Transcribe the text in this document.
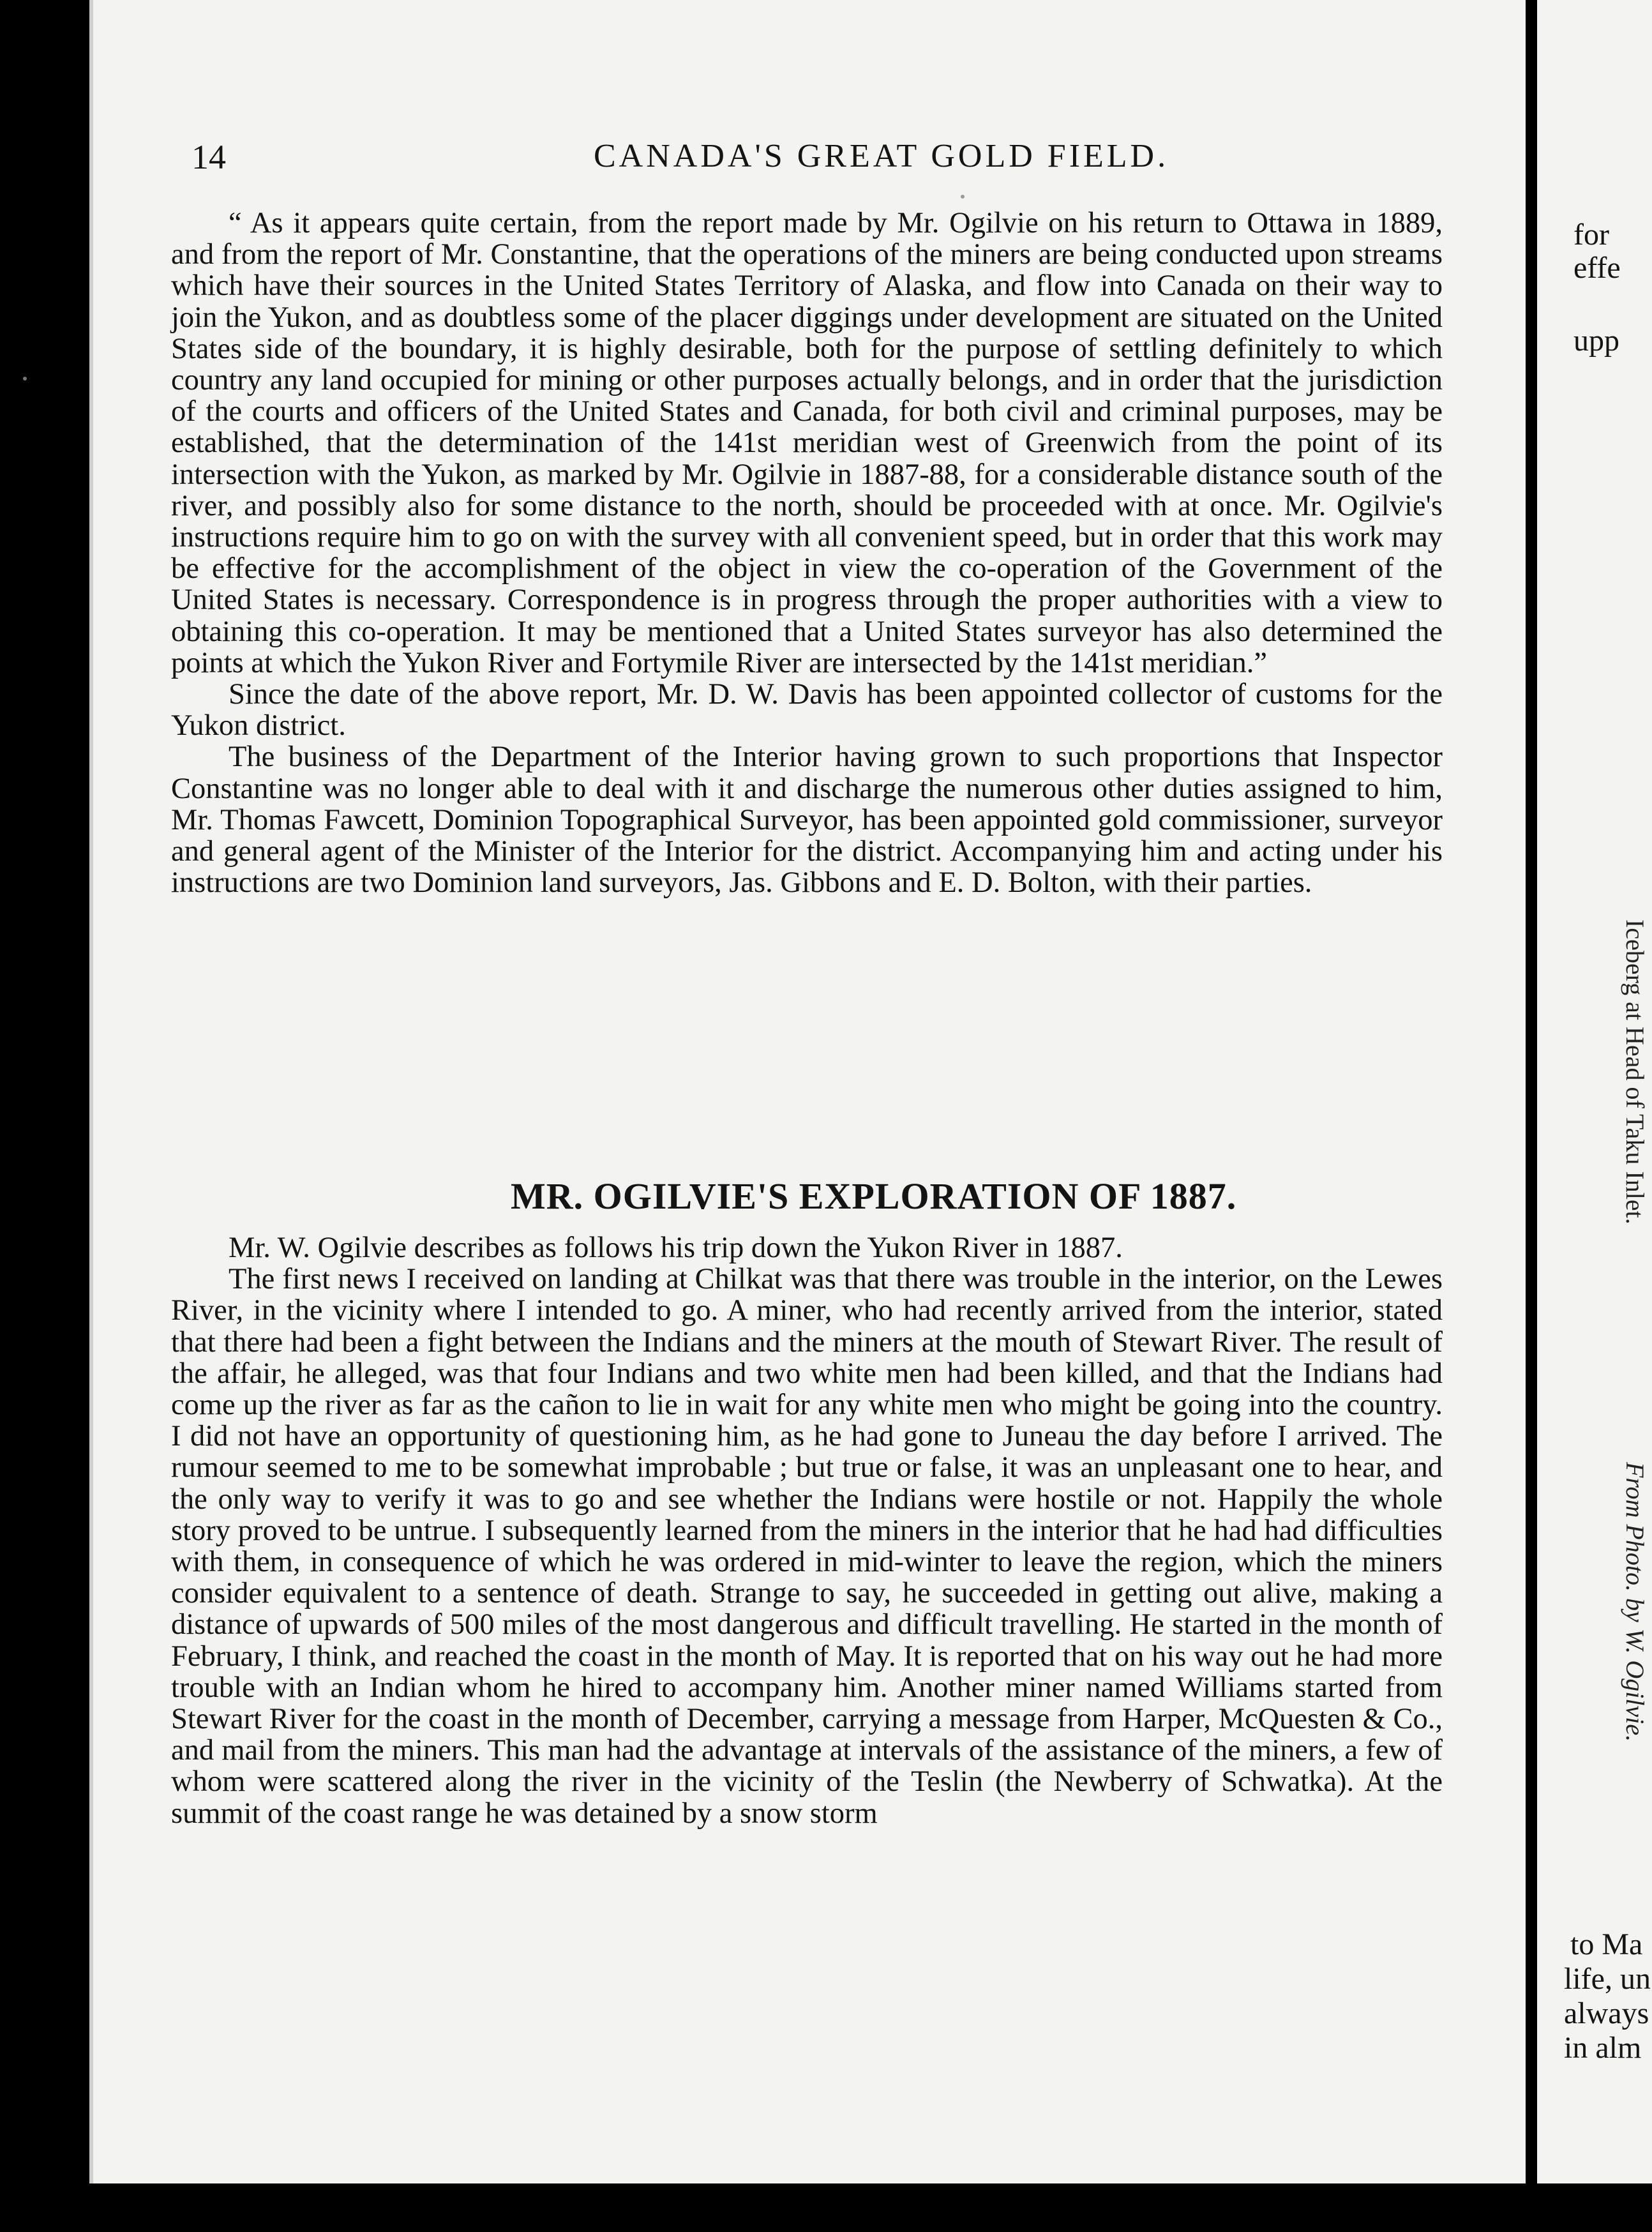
14	CANADA'S GREAT GOLD FIELD.

“ As it appears quite certain, from the report made by Mr. Ogilvie on his return to Ottawa in 1889, and from the report of Mr. Constantine, that the operations of the miners are being conducted upon streams which have their sources in the United States Territory of Alaska, and flow into Canada on their way to join the Yukon, and as doubtless some of the placer diggings under development are situated on the United States side of the boundary, it is highly desirable, both for the purpose of settling definitely to which country any land occupied for mining or other purposes actually belongs, and in order that the jurisdiction of the courts and officers of the United States and Canada, for both civil and criminal purposes, may be established, that the determination of the 141st meridian west of Greenwich from the point of its intersection with the Yukon, as marked by Mr. Ogilvie in 1887-88, for a considerable distance south of the river, and possibly also for some distance to the north, should be proceeded with at once. Mr. Ogilvie's instructions require him to go on with the survey with all convenient speed, but in order that this work may be effective for the accomplishment of the object in view the co-operation of the Government of the United States is necessary. Correspondence is in progress through the proper authorities with a view to obtaining this co-operation. It may be mentioned that a United States surveyor has also determined the points at which the Yukon River and Fortymile River are intersected by the 141st meridian.”

Since the date of the above report, Mr. D. W. Davis has been appointed collector of customs for the Yukon district.

The business of the Department of the Interior having grown to such proportions that Inspector Constantine was no longer able to deal with it and discharge the numerous other duties assigned to him, Mr. Thomas Fawcett, Dominion Topographical Surveyor, has been appointed gold commissioner, surveyor and general agent of the Minister of the Interior for the district. Accompanying him and acting under his instructions are two Dominion land surveyors, Jas. Gibbons and E. D. Bolton, with their parties.

MR. OGILVIE'S EXPLORATION OF 1887.

Mr. W. Ogilvie describes as follows his trip down the Yukon River in 1887.

The first news I received on landing at Chilkat was that there was trouble in the interior, on the Lewes River, in the vicinity where I intended to go. A miner, who had recently arrived from the interior, stated that there had been a fight between the Indians and the miners at the mouth of Stewart River. The result of the affair, he alleged, was that four Indians and two white men had been killed, and that the Indians had come up the river as far as the cañon to lie in wait for any white men who might be going into the country. I did not have an opportunity of questioning him, as he had gone to Juneau the day before I arrived. The rumour seemed to me to be somewhat improbable ; but true or false, it was an unpleasant one to hear, and the only way to verify it was to go and see whether the Indians were hostile or not. Happily the whole story proved to be untrue. I subsequently learned from the miners in the interior that he had had difficulties with them, in consequence of which he was ordered in mid-winter to leave the region, which the miners consider equivalent to a sentence of death. Strange to say, he succeeded in getting out alive, making a distance of upwards of 500 miles of the most dangerous and difficult travelling. He started in the month of February, I think, and reached the coast in the month of May. It is reported that on his way out he had more trouble with an Indian whom he hired to accompany him. Another miner named Williams started from Stewart River for the coast in the month of December, carrying a message from Harper, McQuesten & Co., and mail from the miners. This man had the advantage at intervals of the assistance of the miners, a few of whom were scattered along the river in the vicinity of the Teslin (the Newberry of Schwatka). At the summit of the coast range he was detained by a snow storm

for
effe
upp
to Ma
life, un
always
in alm
Iceberg at Head of Taku Inlet.
From Photo. by W. Ogilvie.
